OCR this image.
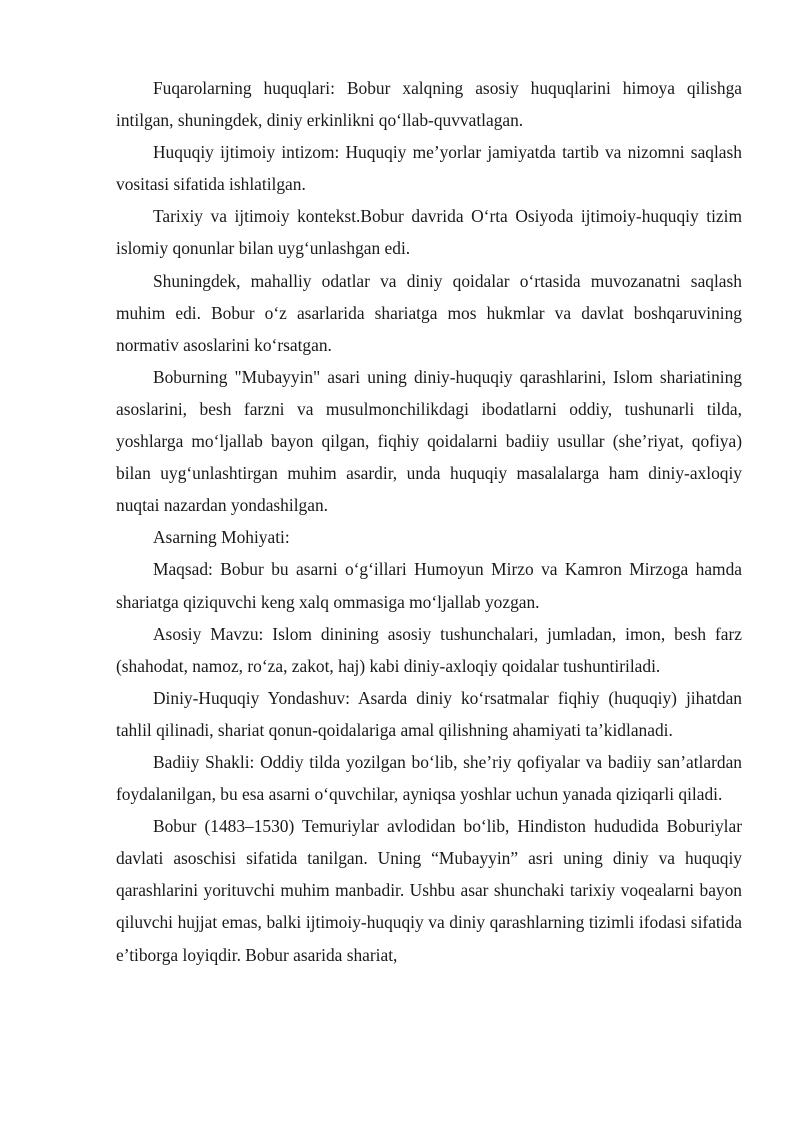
Fuqarolarning huquqlari: Bobur xalqning asosiy huquqlarini himoya qilishga intilgan, shuningdek, diniy erkinlikni qo‘llab-quvvatlagan.

Huquqiy ijtimoiy intizom: Huquqiy me’yorlar jamiyatda tartib va nizomni saqlash vositasi sifatida ishlatilgan.

Tarixiy va ijtimoiy kontekst.Bobur davrida O‘rta Osiyoda ijtimoiy-huquqiy tizim islomiy qonunlar bilan uyg‘unlashgan edi.

Shuningdek, mahalliy odatlar va diniy qoidalar o‘rtasida muvozanatni saqlash muhim edi. Bobur o‘z asarlarida shariatga mos hukmlar va davlat boshqaruvining normativ asoslarini ko‘rsatgan.

Boburning "Mubayyin" asari uning diniy-huquqiy qarashlarini, Islom shariatining asoslarini, besh farzni va musulmonchilikdagi ibodatlarni oddiy, tushunarli tilda, yoshlarga mo‘ljallab bayon qilgan, fiqhiy qoidalarni badiiy usullar (she’riyat, qofiya) bilan uyg‘unlashtirgan muhim asardir, unda huquqiy masalalarga ham diniy-axloqiy nuqtai nazardan yondashilgan.

Asarning Mohiyati:

Maqsad: Bobur bu asarni o‘g‘illari Humoyun Mirzo va Kamron Mirzoga hamda shariatga qiziquvchi keng xalq ommasiga mo‘ljallab yozgan.

Asosiy Mavzu: Islom dinining asosiy tushunchalari, jumladan, imon, besh farz (shahodat, namoz, ro‘za, zakot, haj) kabi diniy-axloqiy qoidalar tushuntiriladi.

Diniy-Huquqiy Yondashuv: Asarda diniy ko‘rsatmalar fiqhiy (huquqiy) jihatdan tahlil qilinadi, shariat qonun-qoidalariga amal qilishning ahamiyati ta’kidlanadi.

Badiiy Shakli: Oddiy tilda yozilgan bo‘lib, she’riy qofiyalar va badiiy san’atlardan foydalanilgan, bu esa asarni o‘quvchilar, ayniqsa yoshlar uchun yanada qiziqarli qiladi.

Bobur (1483–1530) Temuriylar avlodidan bo‘lib, Hindiston hududida Boburiylar davlati asoschisi sifatida tanilgan. Uning “Mubayyin” asri uning diniy va huquqiy qarashlarini yorituvchi muhim manbadir. Ushbu asar shunchaki tarixiy voqealarni bayon qiluvchi hujjat emas, balki ijtimoiy-huquqiy va diniy qarashlarning tizimli ifodasi sifatida e’tiborga loyiqdir. Bobur asarida shariat,
